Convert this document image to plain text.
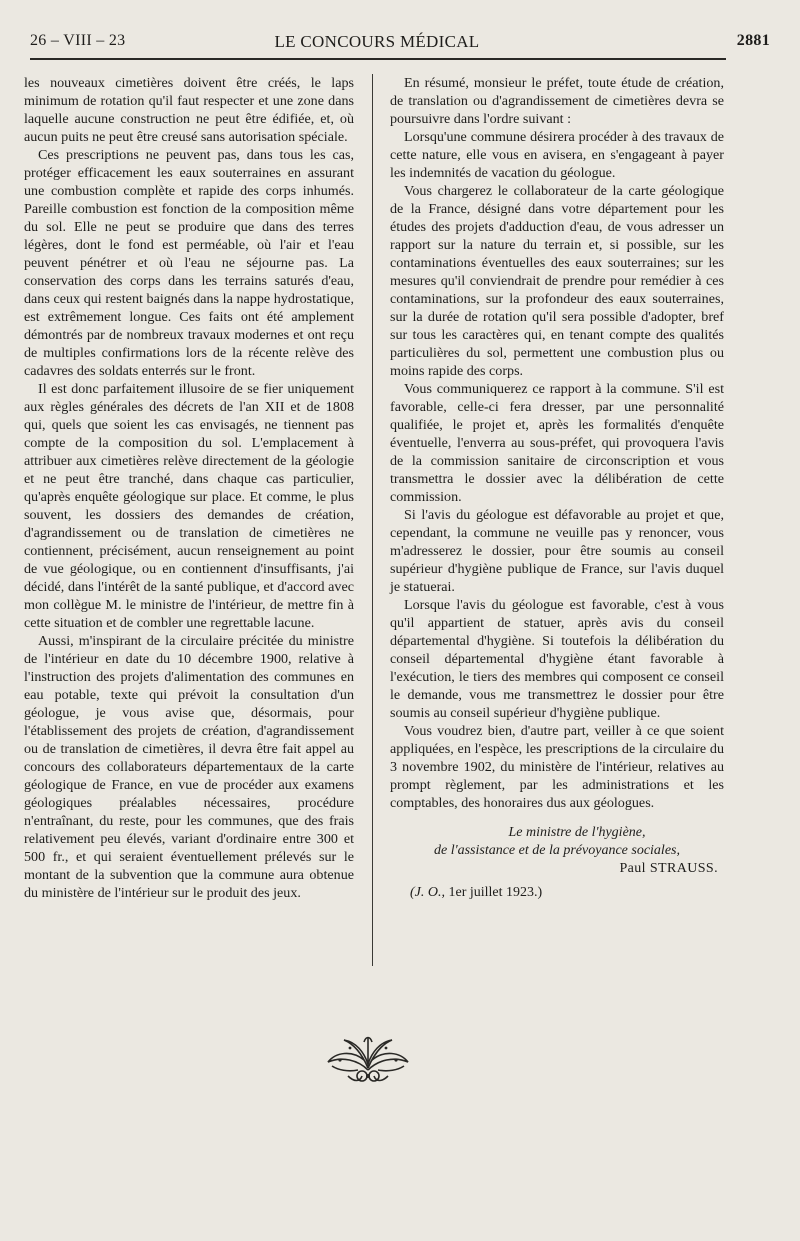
26 – VIII – 23	LE CONCOURS MÉDICAL	2881

les nouveaux cimetières doivent être créés, le laps minimum de rotation qu'il faut respecter et une zone dans laquelle aucune construction ne peut être édifiée, et, où aucun puits ne peut être creusé sans autorisation spéciale.

Ces prescriptions ne peuvent pas, dans tous les cas, protéger efficacement les eaux souterraines en assurant une combustion complète et rapide des corps inhumés. Pareille combustion est fonction de la composition même du sol. Elle ne peut se produire que dans des terres légères, dont le fond est perméable, où l'air et l'eau peuvent pénétrer et où l'eau ne séjourne pas. La conservation des corps dans les terrains saturés d'eau, dans ceux qui restent baignés dans la nappe hydrostatique, est extrêmement longue. Ces faits ont été amplement démontrés par de nombreux travaux modernes et ont reçu de multiples confirmations lors de la récente relève des cadavres des soldats enterrés sur le front.

Il est donc parfaitement illusoire de se fier uniquement aux règles générales des décrets de l'an XII et de 1808 qui, quels que soient les cas envisagés, ne tiennent pas compte de la composition du sol. L'emplacement à attribuer aux cimetières relève directement de la géologie et ne peut être tranché, dans chaque cas particulier, qu'après enquête géologique sur place. Et comme, le plus souvent, les dossiers des demandes de création, d'agrandissement ou de translation de cimetières ne contiennent, précisément, aucun renseignement au point de vue géologique, ou en contiennent d'insuffisants, j'ai décidé, dans l'intérêt de la santé publique, et d'accord avec mon collègue M. le ministre de l'intérieur, de mettre fin à cette situation et de combler une regrettable lacune.

Aussi, m'inspirant de la circulaire précitée du ministre de l'intérieur en date du 10 décembre 1900, relative à l'instruction des projets d'alimentation des communes en eau potable, texte qui prévoit la consultation d'un géologue, je vous avise que, désormais, pour l'établissement des projets de création, d'agrandissement ou de translation de cimetières, il devra être fait appel au concours des collaborateurs départementaux de la carte géologique de France, en vue de procéder aux examens géologiques préalables nécessaires, procédure n'entraînant, du reste, pour les communes, que des frais relativement peu élevés, variant d'ordinaire entre 300 et 500 fr., et qui seraient éventuellement prélevés sur le montant de la subvention que la commune aura obtenue du ministère de l'intérieur sur le produit des jeux.

En résumé, monsieur le préfet, toute étude de création, de translation ou d'agrandissement de cimetières devra se poursuivre dans l'ordre suivant :

Lorsqu'une commune désirera procéder à des travaux de cette nature, elle vous en avisera, en s'engageant à payer les indemnités de vacation du géologue.

Vous chargerez le collaborateur de la carte géologique de la France, désigné dans votre département pour les études des projets d'adduction d'eau, de vous adresser un rapport sur la nature du terrain et, si possible, sur les contaminations éventuelles des eaux souterraines; sur les mesures qu'il conviendrait de prendre pour remédier à ces contaminations, sur la profondeur des eaux souterraines, sur la durée de rotation qu'il sera possible d'adopter, bref sur tous les caractères qui, en tenant compte des qualités particulières du sol, permettent une combustion plus ou moins rapide des corps.

Vous communiquerez ce rapport à la commune. S'il est favorable, celle-ci fera dresser, par une personnalité qualifiée, le projet et, après les formalités d'enquête éventuelle, l'enverra au sous-préfet, qui provoquera l'avis de la commission sanitaire de circonscription et vous transmettra le dossier avec la délibération de cette commission.

Si l'avis du géologue est défavorable au projet et que, cependant, la commune ne veuille pas y renoncer, vous m'adresserez le dossier, pour être soumis au conseil supérieur d'hygiène publique de France, sur l'avis duquel je statuerai.

Lorsque l'avis du géologue est favorable, c'est à vous qu'il appartient de statuer, après avis du conseil départemental d'hygiène. Si toutefois la délibération du conseil départemental d'hygiène étant favorable à l'exécution, le tiers des membres qui composent ce conseil le demande, vous me transmettrez le dossier pour être soumis au conseil supérieur d'hygiène publique.

Vous voudrez bien, d'autre part, veiller à ce que soient appliquées, en l'espèce, les prescriptions de la circulaire du 3 novembre 1902, du ministère de l'intérieur, relatives au prompt règlement, par les administrations et les comptables, des honoraires dus aux géologues.

Le ministre de l'hygiène,
de l'assistance et de la prévoyance sociales,
Paul STRAUSS.
(J. O., 1er juillet 1923.)
